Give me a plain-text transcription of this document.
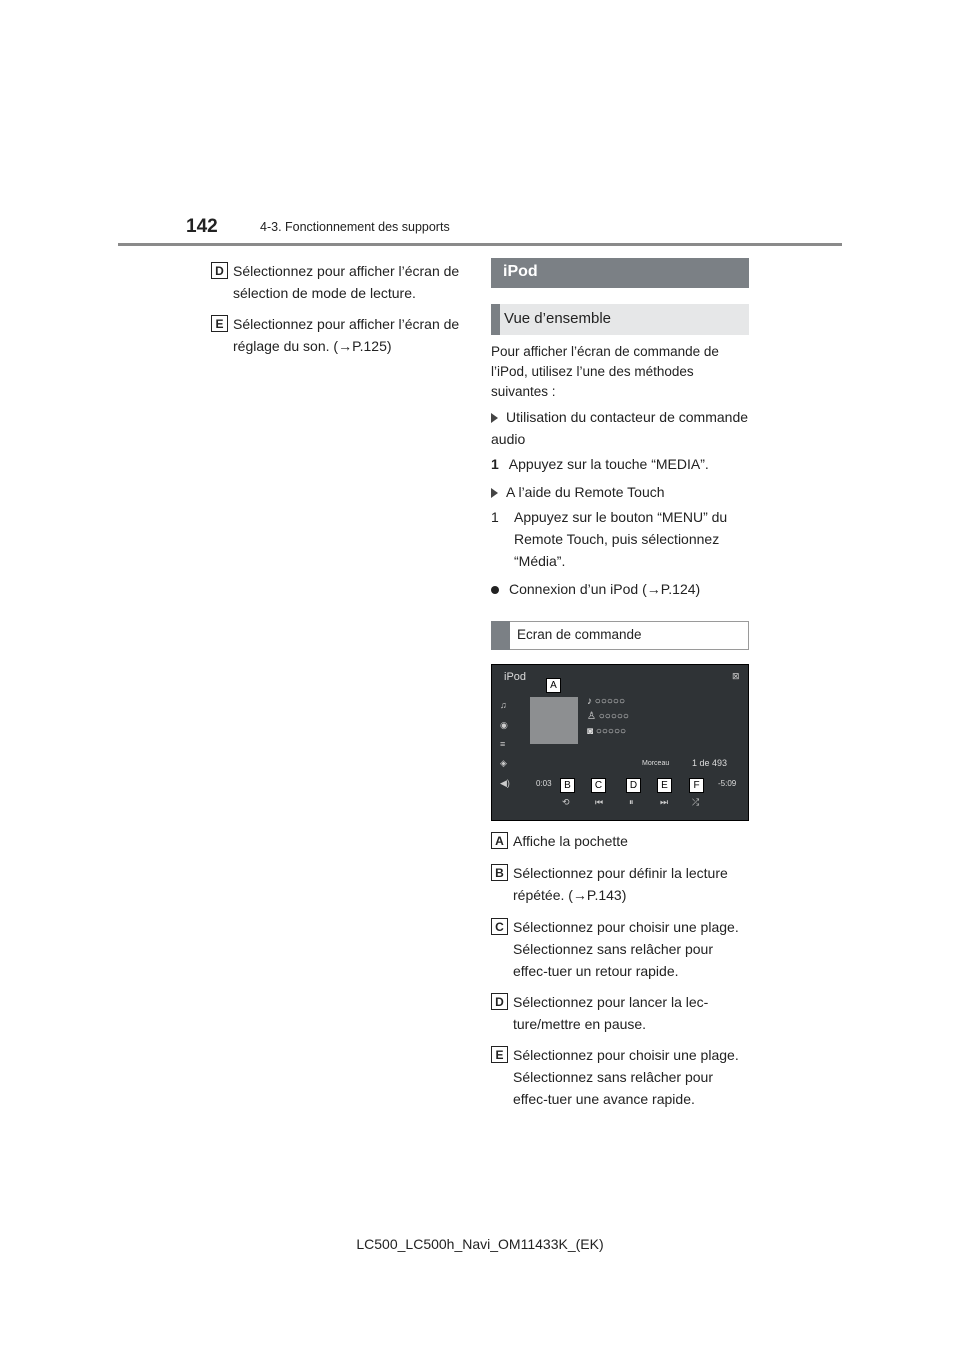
142	4-3. Fonctionnement des supports
D Sélectionnez pour afficher l’écran de sélection de mode de lecture.
E Sélectionnez pour afficher l’écran de réglage du son. (→P.125)
iPod
Vue d’ensemble
Pour afficher l’écran de commande de l’iPod, utilisez l’une des méthodes suivantes :
Utilisation du contacteur de commande audio
1 Appuyez sur la touche “MEDIA”.
A l’aide du Remote Touch
1 Appuyez sur le bouton “MENU” du Remote Touch, puis sélectionnez “Média”.
Connexion d’un iPod (→P.124)
Ecran de commande
iPod	⊠
♫
◉
≡
◈
◀)
A
♪ ○○○○○
♙ ○○○○○
◙ ○○○○○
Morceau	1 de 493
0:03	-5:09
B	C	D	E	F
⟲	⏮	⏸	⏭	⤮
A Affiche la pochette
B Sélectionnez pour définir la lecture répétée. (→P.143)
C Sélectionnez pour choisir une plage. Sélectionnez sans relâcher pour effec-tuer un retour rapide.
D Sélectionnez pour lancer la lec-ture/mettre en pause.
E Sélectionnez pour choisir une plage. Sélectionnez sans relâcher pour effec-tuer une avance rapide.
LC500_LC500h_Navi_OM11433K_(EK)
